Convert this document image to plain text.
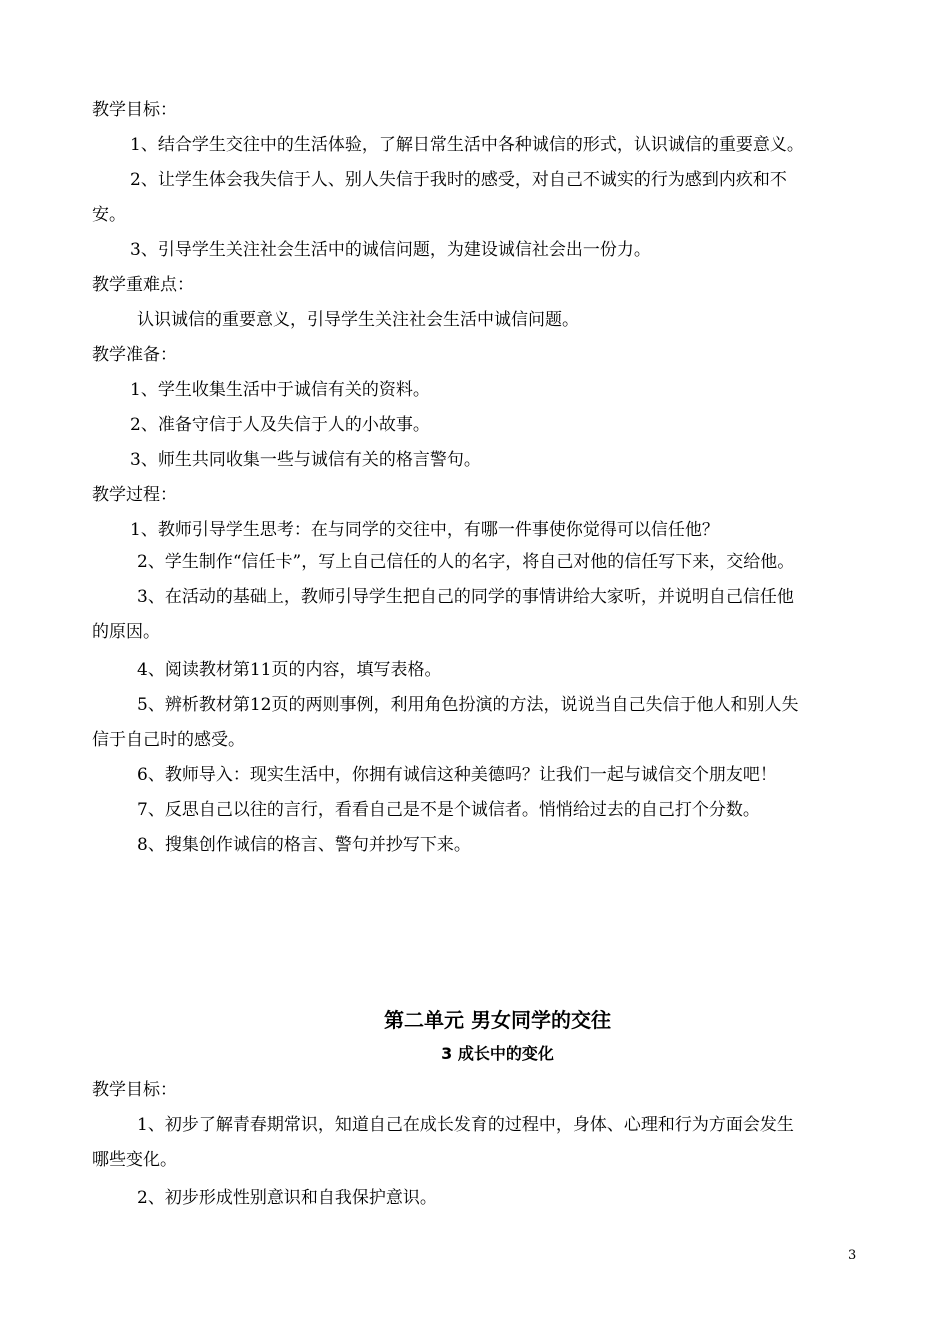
教学目标：
1、结合学生交往中的生活体验，了解日常生活中各种诚信的形式，认识诚信的重要意义。
2、让学生体会我失信于人、别人失信于我时的感受，对自己不诚实的行为感到内疚和不
安。
3、引导学生关注社会生活中的诚信问题，为建设诚信社会出一份力。
教学重难点：
认识诚信的重要意义，引导学生关注社会生活中诚信问题。
教学准备：
1、学生收集生活中于诚信有关的资料。
2、准备守信于人及失信于人的小故事。
3、师生共同收集一些与诚信有关的格言警句。
教学过程：
1、教师引导学生思考：在与同学的交往中，有哪一件事使你觉得可以信任他？
2、学生制作“信任卡”，写上自己信任的人的名字，将自己对他的信任写下来，交给他。
3、在活动的基础上，教师引导学生把自己的同学的事情讲给大家听，并说明自己信任他
的原因。
4、阅读教材第11页的内容，填写表格。
5、辨析教材第12页的两则事例，利用角色扮演的方法，说说当自己失信于他人和别人失
信于自己时的感受。
6、教师导入：现实生活中，你拥有诚信这种美德吗？让我们一起与诚信交个朋友吧！
7、反思自己以往的言行，看看自己是不是个诚信者。悄悄给过去的自己打个分数。
8、搜集创作诚信的格言、警句并抄写下来。
第二单元 男女同学的交往
3 成长中的变化
教学目标：
1、初步了解青春期常识，知道自己在成长发育的过程中，身体、心理和行为方面会发生
哪些变化。
2、初步形成性别意识和自我保护意识。
3
